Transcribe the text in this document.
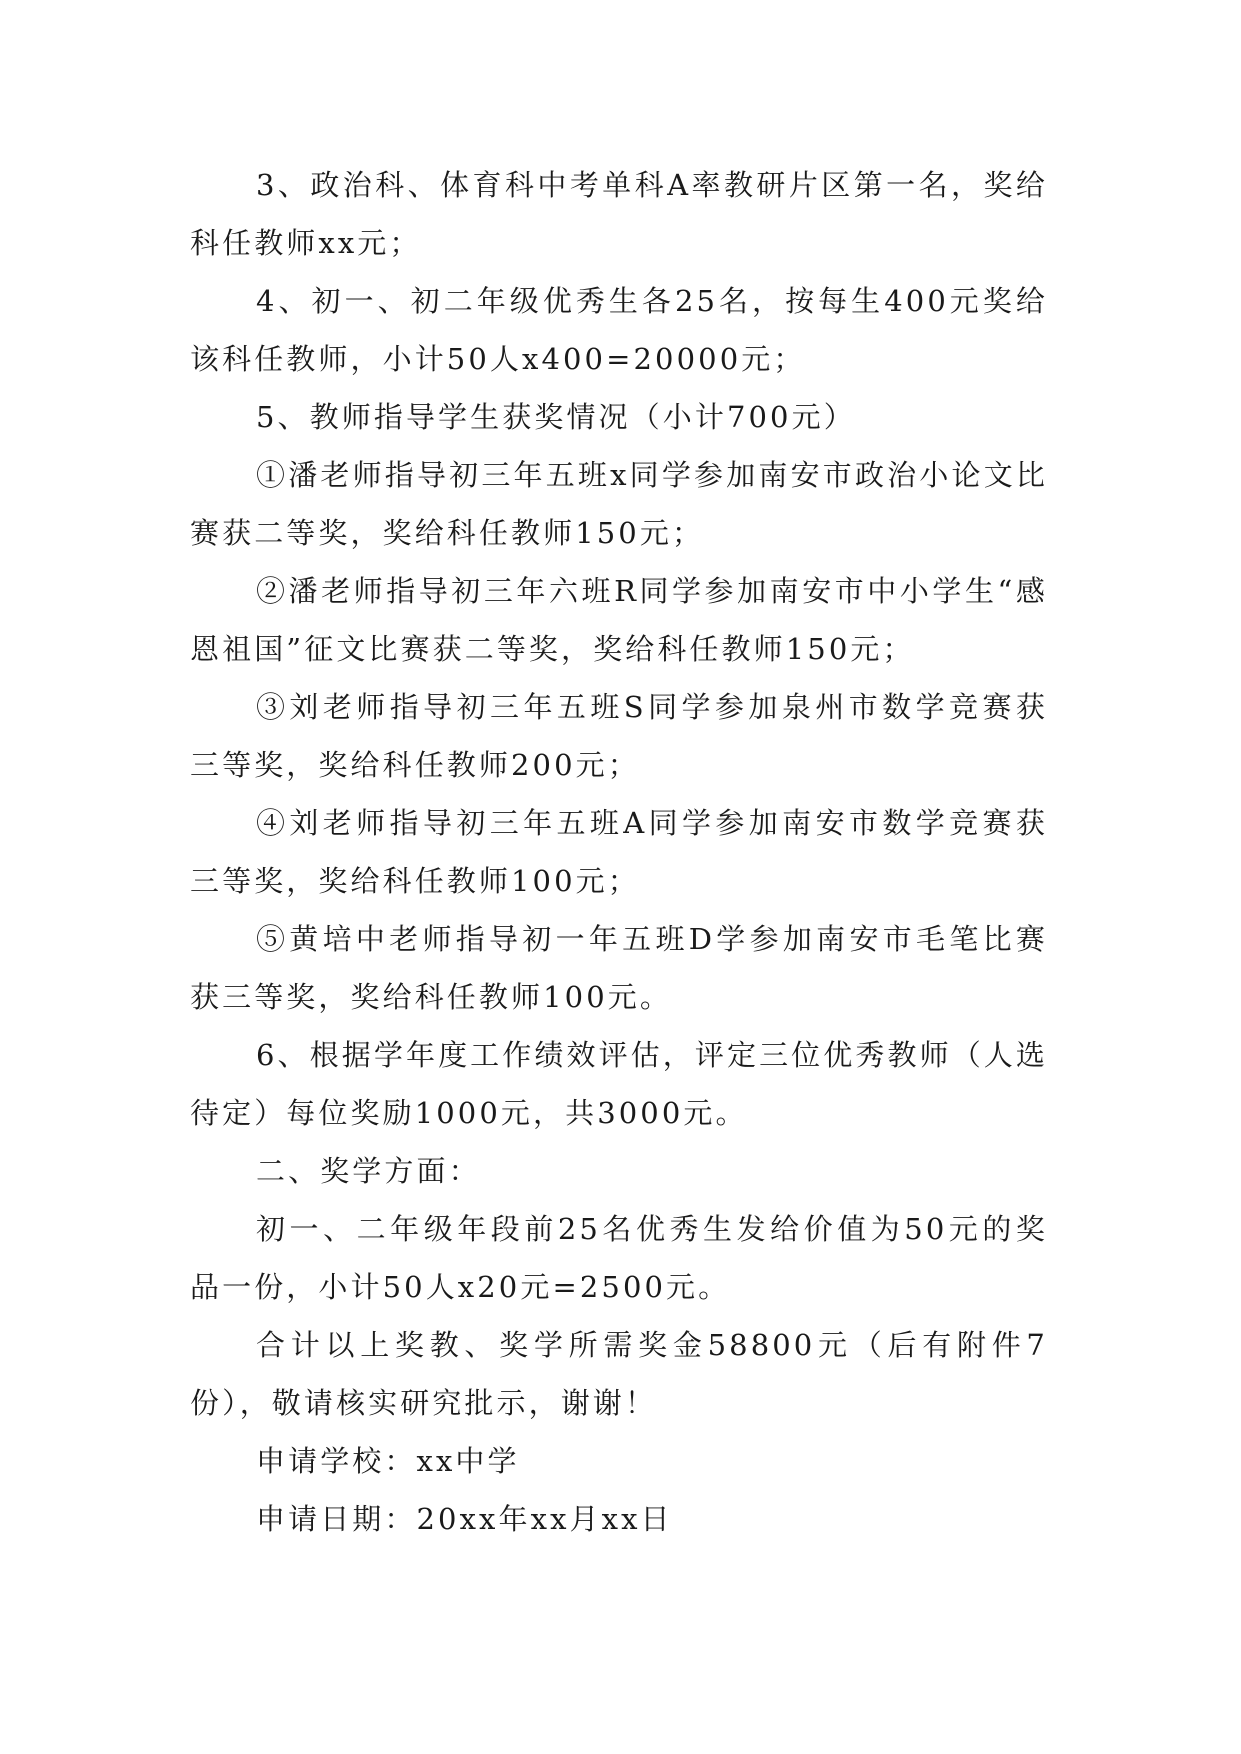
3、政治科、体育科中考单科A率教研片区第一名，奖给科任教师xx元；

4、初一、初二年级优秀生各25名，按每生400元奖给该科任教师，小计50人x400=20000元；

5、教师指导学生获奖情况（小计700元）

①潘老师指导初三年五班x同学参加南安市政治小论文比赛获二等奖，奖给科任教师150元；

②潘老师指导初三年六班R同学参加南安市中小学生“感恩祖国”征文比赛获二等奖，奖给科任教师150元；

③刘老师指导初三年五班S同学参加泉州市数学竞赛获三等奖，奖给科任教师200元；

④刘老师指导初三年五班A同学参加南安市数学竞赛获三等奖，奖给科任教师100元；

⑤黄培中老师指导初一年五班D学参加南安市毛笔比赛获三等奖，奖给科任教师100元。

6、根据学年度工作绩效评估，评定三位优秀教师（人选待定）每位奖励1000元，共3000元。

二、奖学方面：

初一、二年级年段前25名优秀生发给价值为50元的奖品一份，小计50人x20元=2500元。

合计以上奖教、奖学所需奖金58800元（后有附件7份），敬请核实研究批示，谢谢！

申请学校：xx中学

申请日期：20xx年xx月xx日
